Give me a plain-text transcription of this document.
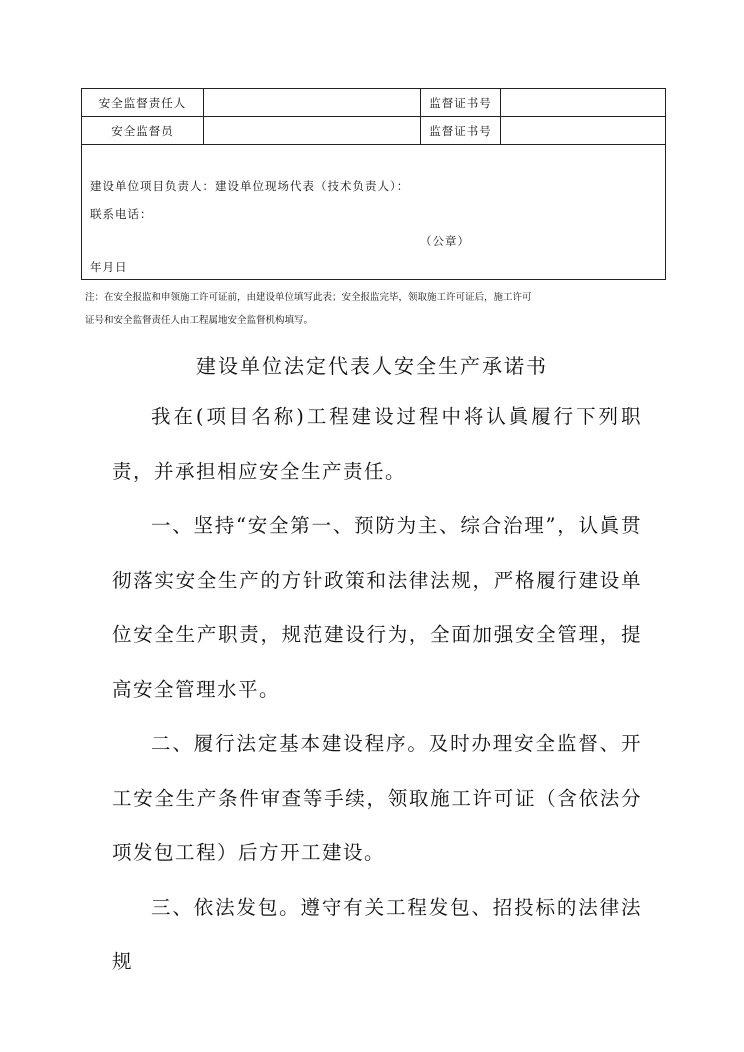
安全监督责任人		监督证书号	
安全监督员		监督证书号	

建设单位项目负责人：建设单位现场代表（技术负责人）：
联系电话：
（公章）
年月日			
注：在安全报监和申领施工许可证前，由建设单位填写此表；安全报监完毕，领取施工许可证后，施工许可
证号和安全监督责任人由工程属地安全监督机构填写。
建设单位法定代表人安全生产承诺书

我在(项目名称)工程建设过程中将认眞履行下列职责，并承担相应安全生产责任。

一、坚持“安全第一、预防为主、综合治理”，认眞贯彻落实安全生产的方针政策和法律法规，严格履行建设单位安全生产职责，规范建设行为，全面加强安全管理，提高安全管理水平。

二、履行法定基本建设程序。及时办理安全监督、开工安全生产条件审查等手续，领取施工许可证（含依法分项发包工程）后方开工建设。

三、依法发包。遵守有关工程发包、招投标的法律法规
